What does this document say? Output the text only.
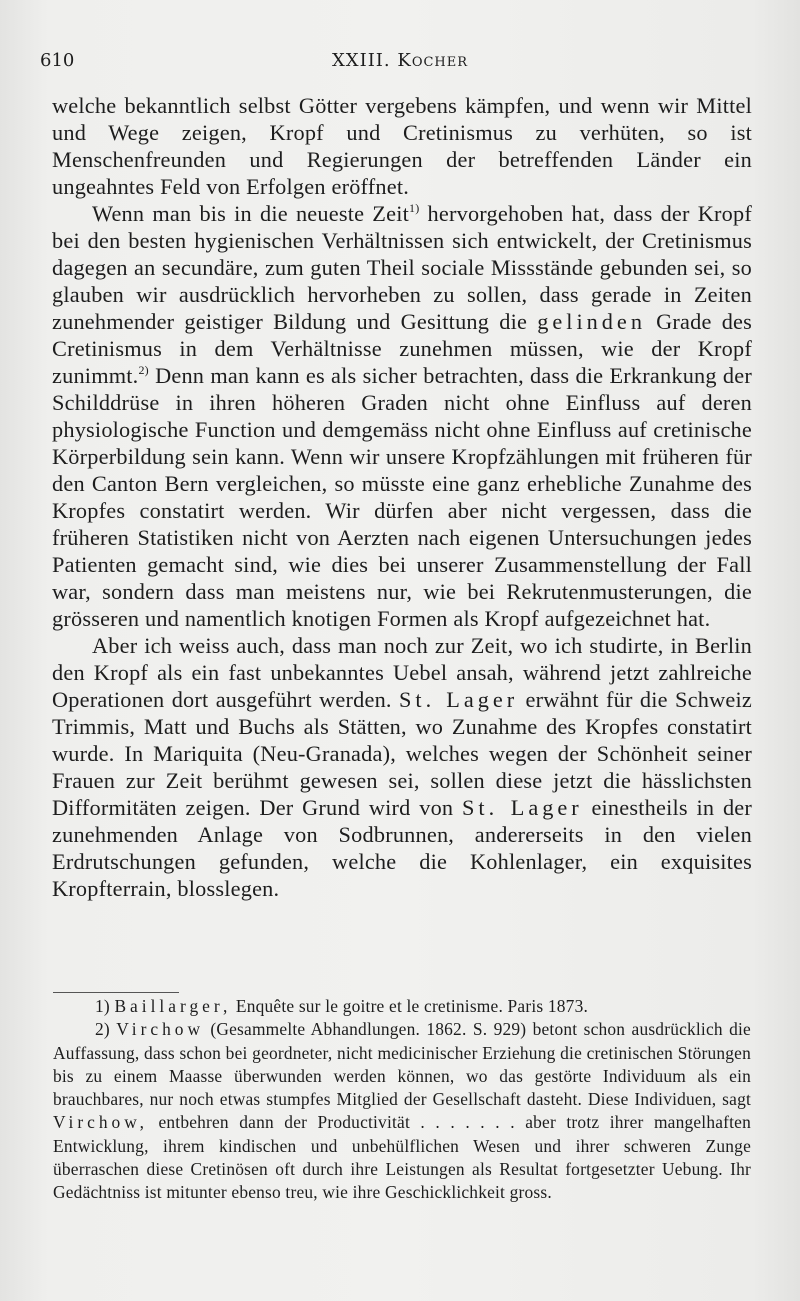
610	XXIII. Kocher

welche bekanntlich selbst Götter vergebens kämpfen, und wenn wir Mittel und Wege zeigen, Kropf und Cretinismus zu verhüten, so ist Menschenfreunden und Regierungen der betreffenden Länder ein ungeahntes Feld von Erfolgen eröffnet.

Wenn man bis in die neueste Zeit$^{1)}$ hervorgehoben hat, dass der Kropf bei den besten hygienischen Verhältnissen sich entwickelt, der Cretinismus dagegen an secundäre, zum guten Theil sociale Missstände gebunden sei, so glauben wir ausdrücklich hervorheben zu sollen, dass gerade in Zeiten zunehmender geistiger Bildung und Gesittung die gelinden Grade des Cretinismus in dem Verhältnisse zunehmen müssen, wie der Kropf zunimmt.$^{2)}$ Denn man kann es als sicher betrachten, dass die Erkrankung der Schilddrüse in ihren höheren Graden nicht ohne Einfluss auf deren physiologische Function und demgemäss nicht ohne Einfluss auf cretinische Körperbildung sein kann. Wenn wir unsere Kropfzählungen mit früheren für den Canton Bern vergleichen, so müsste eine ganz erhebliche Zunahme des Kropfes constatirt werden. Wir dürfen aber nicht vergessen, dass die früheren Statistiken nicht von Aerzten nach eigenen Untersuchungen jedes Patienten gemacht sind, wie dies bei unserer Zusammenstellung der Fall war, sondern dass man meistens nur, wie bei Rekrutenmusterungen, die grösseren und namentlich knotigen Formen als Kropf aufgezeichnet hat.

Aber ich weiss auch, dass man noch zur Zeit, wo ich studirte, in Berlin den Kropf als ein fast unbekanntes Uebel ansah, während jetzt zahlreiche Operationen dort ausgeführt werden. St. Lager erwähnt für die Schweiz Trimmis, Matt und Buchs als Stätten, wo Zunahme des Kropfes constatirt wurde. In Mariquita (Neu-Granada), welches wegen der Schönheit seiner Frauen zur Zeit berühmt gewesen sei, sollen diese jetzt die hässlichsten Difformitäten zeigen. Der Grund wird von St. Lager einestheils in der zunehmenden Anlage von Sodbrunnen, andererseits in den vielen Erdrutschungen gefunden, welche die Kohlenlager, ein exquisites Kropfterrain, blosslegen.

1) Baillarger, Enquête sur le goitre et le cretinisme. Paris 1873.

2) Virchow (Gesammelte Abhandlungen. 1862. S. 929) betont schon ausdrücklich die Auffassung, dass schon bei geordneter, nicht medicinischer Erziehung die cretinischen Störungen bis zu einem Maasse überwunden werden können, wo das gestörte Individuum als ein brauchbares, nur noch etwas stumpfes Mitglied der Gesellschaft dasteht. Diese Individuen, sagt Virchow, entbehren dann der Productivität . . . . . . . aber trotz ihrer mangelhaften Entwicklung, ihrem kindischen und unbehülflichen Wesen und ihrer schweren Zunge überraschen diese Cretinösen oft durch ihre Leistungen als Resultat fortgesetzter Uebung. Ihr Gedächtniss ist mitunter ebenso treu, wie ihre Geschicklichkeit gross.
